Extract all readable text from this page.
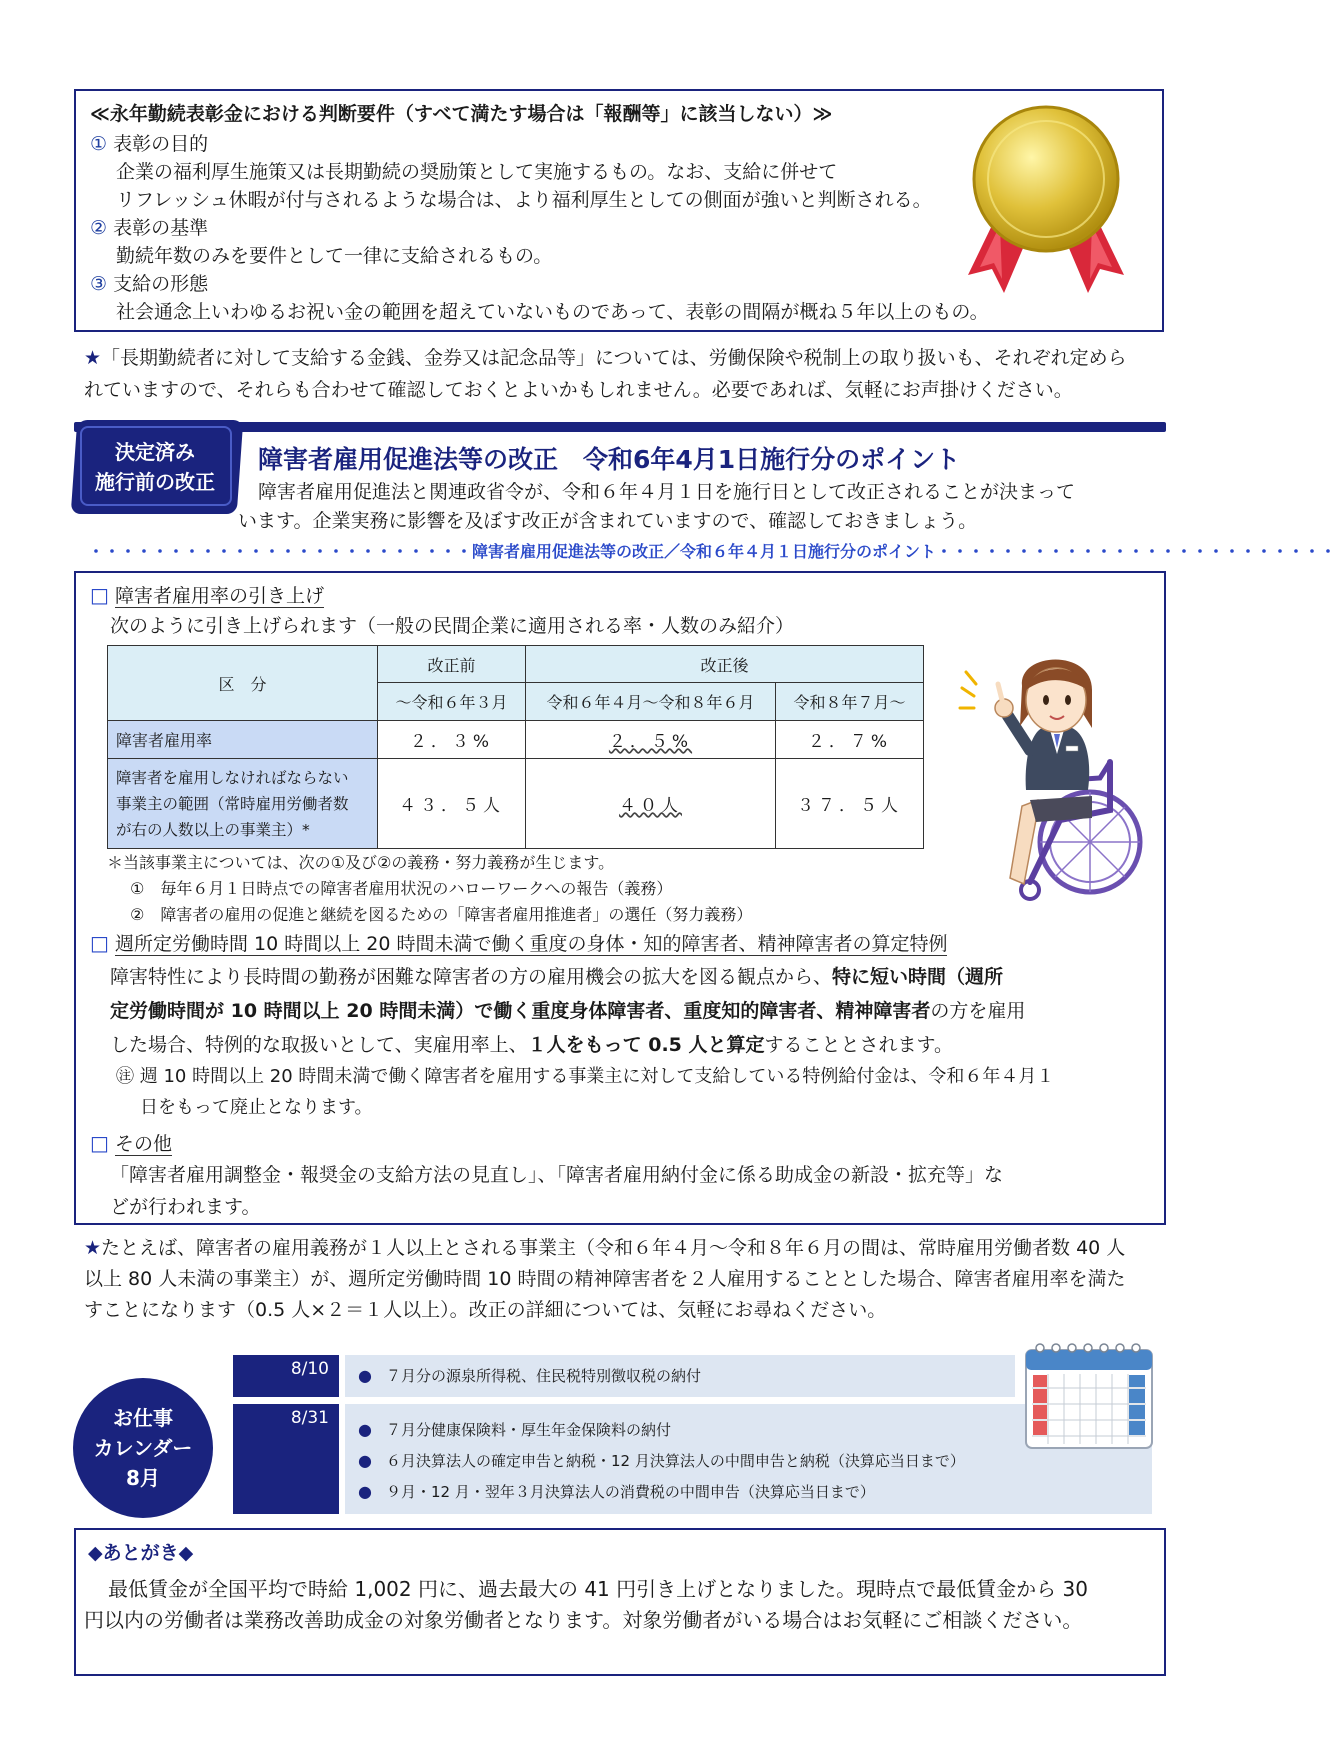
≪永年勤続表彰金における判断要件（すべて満たす場合は「報酬等」に該当しない）≫
① 表彰の目的
企業の福利厚生施策又は長期勤続の奨励策として実施するもの。なお、支給に併せて
リフレッシュ休暇が付与されるような場合は、より福利厚生としての側面が強いと判断される。
② 表彰の基準
勤続年数のみを要件として一律に支給されるもの。
③ 支給の形態
社会通念上いわゆるお祝い金の範囲を超えていないものであって、表彰の間隔が概ね５年以上のもの。
★「長期勤続者に対して支給する金銭、金券又は記念品等」については、労働保険や税制上の取り扱いも、それぞれ定めら
れていますので、それらも合わせて確認しておくとよいかもしれません。必要であれば、気軽にお声掛けください。
決定済み
施行前の改正
障害者雇用促進法等の改正　令和6年4月1日施行分のポイント
障害者雇用促進法と関連政省令が、令和６年４月１日を施行日として改正されることが決まって
います。企業実務に影響を及ぼす改正が含まれていますので、確認しておきましょう。
・・・・・・・・・・・・・・・・・・・・・・・・障害者雇用促進法等の改正／令和６年４月１日施行分のポイント・・・・・・・・・・・・・・・・・・・・・・・・・
□ 障害者雇用率の引き上げ
次のように引き上げられます（一般の民間企業に適用される率・人数のみ紹介）
区　分	改正前	改正後	
	～令和６年３月	令和６年４月～令和８年６月	令和８年７月～
障害者雇用率	２．３%	２．５%	２．７%

障害者を雇用しなければならない
事業主の範囲（常時雇用労働者数
が右の人数以上の事業主）*	４３．５人	４０人	３７．５人
＊当該事業主については、次の①及び②の義務・努力義務が生じます。
①　毎年６月１日時点での障害者雇用状況のハローワークへの報告（義務）
②　障害者の雇用の促進と継続を図るための「障害者雇用推進者」の選任（努力義務）
□ 週所定労働時間 10 時間以上 20 時間未満で働く重度の身体・知的障害者、精神障害者の算定特例
障害特性により長時間の勤務が困難な障害者の方の雇用機会の拡大を図る観点から、特に短い時間（週所
定労働時間が 10 時間以上 20 時間未満）で働く重度身体障害者、重度知的障害者、精神障害者の方を雇用
した場合、特例的な取扱いとして、実雇用率上、１人をもって 0.5 人と算定することとされます。
㊟ 週 10 時間以上 20 時間未満で働く障害者を雇用する事業主に対して支給している特例給付金は、令和６年４月１
日をもって廃止となります。
□ その他
「障害者雇用調整金・報奨金の支給方法の見直し」、「障害者雇用納付金に係る助成金の新設・拡充等」な
どが行われます。
★たとえば、障害者の雇用義務が１人以上とされる事業主（令和６年４月～令和８年６月の間は、常時雇用労働者数 40 人
以上 80 人未満の事業主）が、週所定労働時間 10 時間の精神障害者を２人雇用することとした場合、障害者雇用率を満た
すことになります（0.5 人×２＝１人以上）。改正の詳細については、気軽にお尋ねください。
お仕事
カレンダー
8月
8/10	● ７月分の源泉所得税、住民税特別徴収税の納付
8/31
● ７月分健康保険料・厚生年金保険料の納付
● ６月決算法人の確定申告と納税・12 月決算法人の中間申告と納税（決算応当日まで）
● ９月・12 月・翌年３月決算法人の消費税の中間申告（決算応当日まで）
◆あとがき◆
最低賃金が全国平均で時給 1,002 円に、過去最大の 41 円引き上げとなりました。現時点で最低賃金から 30
円以内の労働者は業務改善助成金の対象労働者となります。対象労働者がいる場合はお気軽にご相談ください。
